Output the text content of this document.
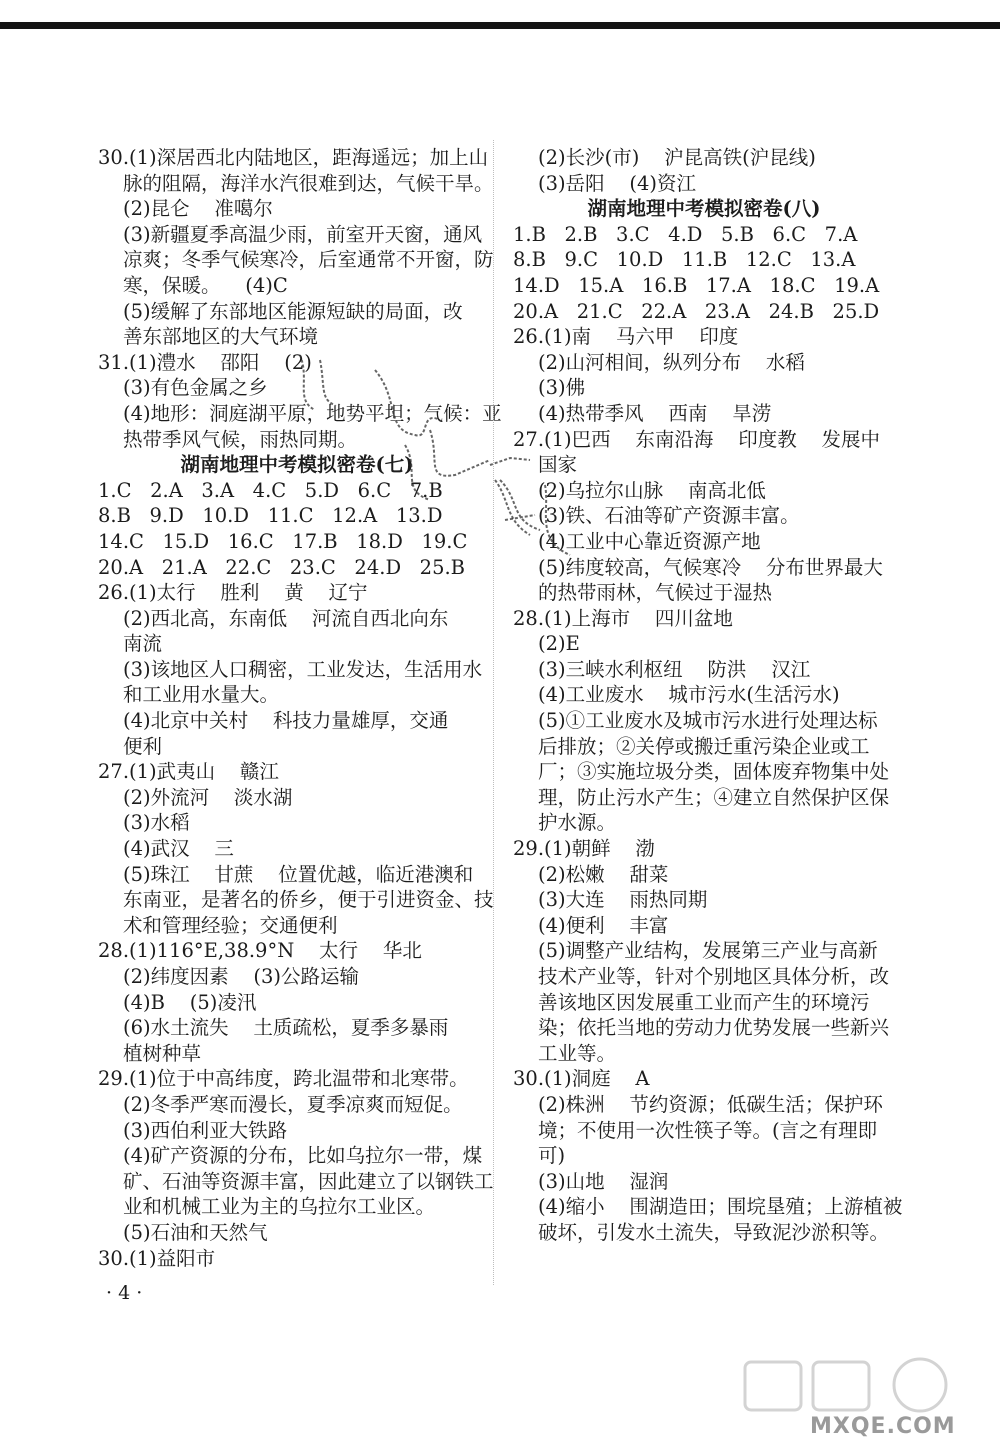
30.(1)深居西北内陆地区，距海遥远；加上山
脉的阻隔，海洋水汽很难到达，气候干旱。
(2)昆仑    准噶尔
(3)新疆夏季高温少雨，前室开天窗，通风
凉爽；冬季气候寒冷，后室通常不开窗，防
寒，保暖。    (4)C
(5)缓解了东部地区能源短缺的局面，改
善东部地区的大气环境
31.(1)澧水    邵阳    (2)
(3)有色金属之乡
(4)地形：洞庭湖平原，地势平坦；气候：亚
热带季风气候，雨热同期。
湖南地理中考模拟密卷(七)
1.C   2.A   3.A   4.C   5.D   6.C   7.B
8.B   9.D   10.D   11.C   12.A   13.D
14.C   15.D   16.C   17.B   18.D   19.C
20.A   21.A   22.C   23.C   24.D   25.B
26.(1)太行    胜利    黄    辽宁
(2)西北高，东南低    河流自西北向东
南流
(3)该地区人口稠密，工业发达，生活用水
和工业用水量大。
(4)北京中关村    科技力量雄厚，交通
便利
27.(1)武夷山    赣江
(2)外流河    淡水湖
(3)水稻
(4)武汉    三
(5)珠江    甘蔗    位置优越，临近港澳和
东南亚，是著名的侨乡，便于引进资金、技
术和管理经验；交通便利
28.(1)116°E,38.9°N    太行    华北
(2)纬度因素    (3)公路运输
(4)B    (5)凌汛
(6)水土流失    土质疏松，夏季多暴雨
植树种草
29.(1)位于中高纬度，跨北温带和北寒带。
(2)冬季严寒而漫长，夏季凉爽而短促。
(3)西伯利亚大铁路
(4)矿产资源的分布，比如乌拉尔一带，煤
矿、石油等资源丰富，因此建立了以钢铁工
业和机械工业为主的乌拉尔工业区。
(5)石油和天然气
30.(1)益阳市
(2)长沙(市)    沪昆高铁(沪昆线)
(3)岳阳    (4)资江
湖南地理中考模拟密卷(八)
1.B   2.B   3.C   4.D   5.B   6.C   7.A
8.B   9.C   10.D   11.B   12.C   13.A
14.D   15.A   16.B   17.A   18.C   19.A
20.A   21.C   22.A   23.A   24.B   25.D
26.(1)南    马六甲    印度
(2)山河相间，纵列分布    水稻
(3)佛
(4)热带季风    西南    旱涝
27.(1)巴西    东南沿海    印度教    发展中
国家
(2)乌拉尔山脉    南高北低
(3)铁、石油等矿产资源丰富。
(4)工业中心靠近资源产地
(5)纬度较高，气候寒冷    分布世界最大
的热带雨林，气候过于湿热
28.(1)上海市    四川盆地
(2)E
(3)三峡水利枢纽    防洪    汉江
(4)工业废水    城市污水(生活污水)
(5)①工业废水及城市污水进行处理达标
后排放；②关停或搬迁重污染企业或工
厂；③实施垃圾分类，固体废弃物集中处
理，防止污水产生；④建立自然保护区保
护水源。
29.(1)朝鲜    渤
(2)松嫩    甜菜
(3)大连    雨热同期
(4)便利    丰富
(5)调整产业结构，发展第三产业与高新
技术产业等，针对个别地区具体分析，改
善该地区因发展重工业而产生的环境污
染；依托当地的劳动力优势发展一些新兴
工业等。
30.(1)洞庭    A
(2)株洲    节约资源；低碳生活；保护环
境；不使用一次性筷子等。(言之有理即
可)
(3)山地    湿润
(4)缩小    围湖造田；围垸垦殖；上游植被
破坏，引发水土流失，导致泥沙淤积等。
· 4 ·
MXQE.COM
